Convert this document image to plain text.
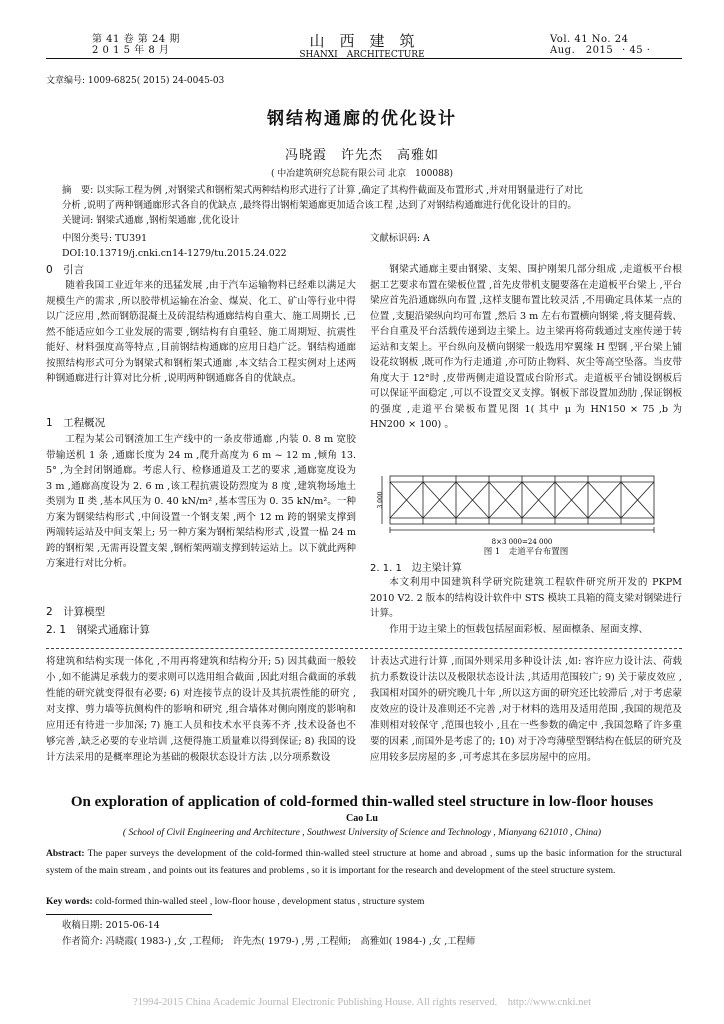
第 41 卷 第 24 期
2 0 1 5 年 8 月
山　西　建　筑
SHANXI　ARCHITECTURE
Vol. 41 No. 24
Aug.　2015 · 45 ·
文章编号: 1009-6825( 2015) 24-0045-03
钢结构通廊的优化设计
冯晓霞　许先杰　高雅如
( 中冶建筑研究总院有限公司 北京　100088)
摘　要: 以实际工程为例 ,对钢梁式和钢桁架式两种结构形式进行了计算 ,确定了其构件截面及布置形式 ,并对用钢量进行了对比
分析 ,说明了两种钢通廊形式各自的优缺点 ,最终得出钢桁架通廊更加适合该工程 ,达到了对钢结构通廊进行优化设计的目的。
关键词: 钢梁式通廊 ,钢桁架通廊 ,优化设计
中图分类号: TU391	文献标识码: A
DOI:10.13719/j.cnki.cn14-1279/tu.2015.24.022
0　引言

随着我国工业近年来的迅猛发展 ,由于汽车运输物料已经难以满足大规模生产的需求 ,所以胶带机运输在冶金、煤炭、化工、矿山等行业中得以广泛应用 ,然而钢筋混凝土及砖混结构通廊结构自重大、施工周期长 ,已然不能适应如今工业发展的需要 ,钢结构有自重轻、施工周期短、抗震性能好、材料强度高等特点 ,目前钢结构通廊的应用日趋广泛。钢结构通廊按照结构形式可分为钢梁式和钢桁架式通廊 ,本文结合工程实例对上述两种钢通廊进行计算对比分析 ,说明两种钢通廊各自的优缺点。

1　工程概况

工程为某公司钢渣加工生产线中的一条皮带通廊 ,内装 0. 8 m 宽胶带输送机 1 条 ,通廊长度为 24 m ,爬升高度为 6 m ~ 12 m ,倾角 13. 5° ,为全封闭钢通廊。考虑人行、检修通道及工艺的要求 ,通廊宽度设为 3 m ,通廊高度设为 2. 6 m ,该工程抗震设防烈度为 8 度 ,建筑物场地土类别为 Ⅱ 类 ,基本风压为 0. 40 kN/m² ,基本雪压为 0. 35 kN/m²。一种方案为钢梁结构形式 ,中间设置一个钢支架 ,两个 12 m 跨的钢梁支撑到两端转运站及中间支架上; 另一种方案为钢桁架结构形式 ,设置一榀 24 m 跨的钢桁架 ,无需再设置支架 ,钢桁架两端支撑到转运站上。以下就此两种方案进行对比分析。

2　计算模型
2. 1　钢梁式通廊计算

钢梁式通廊主要由钢梁、支架、围护刚架几部分组成 ,走道板平台根据工艺要求布置在梁板位置 ,首先皮带机支腿要落在走道板平台梁上 ,平台梁应首先沿通廊纵向布置 ,这样支腿布置比较灵活 ,不用确定具体某一点的位置 ,支腿沿梁纵向均可布置 ,然后 3 m 左右布置横向钢梁 ,将支腿荷载、平台自重及平台活载传递到边主梁上。边主梁再将荷载通过支座传递于转运站和支架上。平台纵向及横向钢梁一般选用窄翼缘 H 型钢 ,平台梁上铺设花纹钢板 ,既可作为行走通道 ,亦可防止物料、灰尘等高空坠落。当皮带角度大于 12°时 ,皮带两侧走道设置成台阶形式。走道板平台铺设钢板后可以保证平面稳定 ,可以不设置交叉支撑。钢板下部设置加劲肋 ,保证钢板的强度 ,走道平台梁板布置见图 1( 其中 μ 为 HN150 × 75 ,b 为 HN200 × 100) 。

8×3 000=24 000
3 000
图 1　走道平台布置图
2. 1. 1　边主梁计算

本文利用中国建筑科学研究院建筑工程软件研究所开发的 PKPM 2010 V2. 2 版本的结构设计软件中 STS 模块工具箱的简支梁对钢梁进行计算。

作用于边主梁上的恒载包括屋面彩板、屋面檩条、屋面支撑、

将建筑和结构实现一体化 ,不用再将建筑和结构分开; 5) 因其截面一般较小 ,如不能满足承载力的要求则可以选用组合截面 ,因此对组合截面的承载性能的研究就变得很有必要; 6) 对连接节点的设计及其抗震性能的研究 ,对支撑、剪力墙等抗侧构件的影响和研究 ,组合墙体对侧向刚度的影响和应用还有待进一步加深; 7) 施工人员和技术水平良莠不齐 ,技术设备也不够完善 ,缺乏必要的专业培训 ,这便得施工质量难以得到保证; 8) 我国的设计方法采用的是概率理论为基础的极限状态设计方法 ,以分项系数设
计表达式进行计算 ,而国外则采用多种设计法 ,如: 容许应力设计法、荷载抗力系数设计法以及极限状态设计法 ,其适用范围较广; 9) 关于蒙皮效应 ,我国相对国外的研究晚几十年 ,所以这方面的研究还比较滞后 ,对于考虑蒙皮效应的设计及准则还不完善 ,对于材料的选用及适用范围 ,我国的规范及准则相对较保守 ,范围也较小 ,且在一些参数的确定中 ,我国忽略了许多重要的因素 ,而国外是考虑了的; 10) 对于冷弯薄壁型钢结构在低层的研究及应用较多层房屋的多 ,可考虑其在多层房屋中的应用。
On exploration of application of cold-formed thin-walled steel structure in low-floor houses
Cao Lu
( School of Civil Engineering and Architecture , Southwest University of Science and Technology , Mianyang 621010 , China)
Abstract: The paper surveys the development of the cold-formed thin-walled steel structure at home and abroad , sums up the basic information for the structural system of the main stream , and points out its features and problems , so it is important for the research and development of the steel structure system.
Key words: cold-formed thin-walled steel , low-floor house , development status , structure system
收稿日期: 2015-06-14
作者简介: 冯晓霞( 1983-) ,女 ,工程师;　许先杰( 1979-) ,男 ,工程师;　高雅如( 1984-) ,女 ,工程师
?1994-2015 China Academic Journal Electronic Publishing House. All rights reserved.　http://www.cnki.net
